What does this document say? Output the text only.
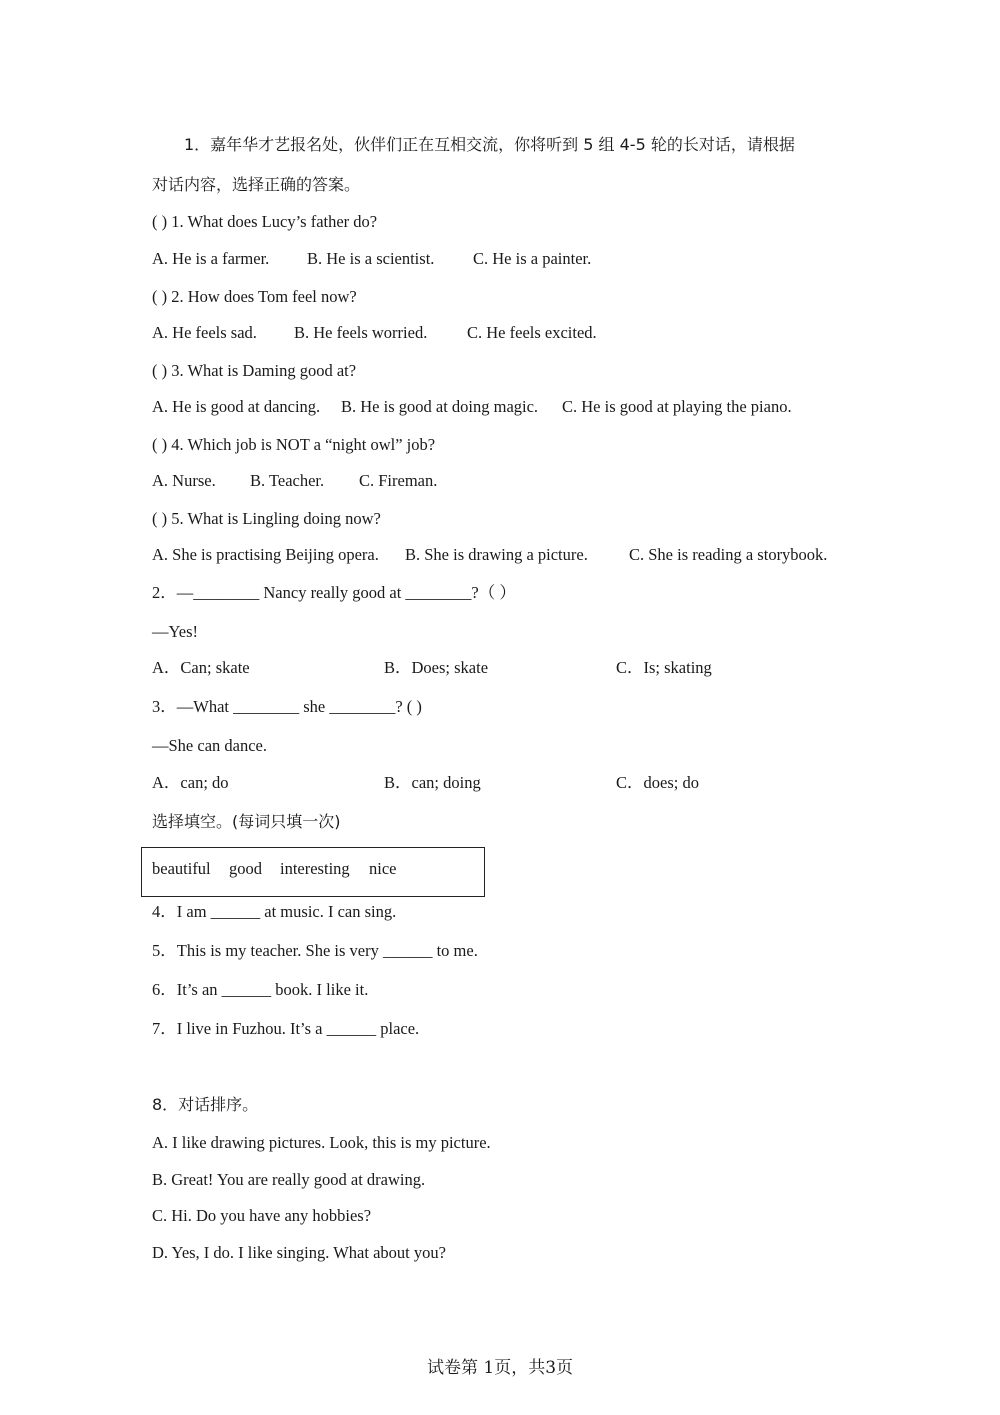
1．嘉年华才艺报名处，伙伴们正在互相交流，你将听到 5 组 4-5 轮的长对话，请根据
对话内容，选择正确的答案。
( ) 1. What does Lucy’s father do?
A. He is a farmer. B. He is a scientist. C. He is a painter.
( ) 2. How does Tom feel now?
A. He feels sad. B. He feels worried. C. He feels excited.
( ) 3. What is Daming good at?
A. He is good at dancing. B. He is good at doing magic. C. He is good at playing the piano.
( ) 4. Which job is NOT a “night owl” job?
A. Nurse. B. Teacher. C. Fireman.
( ) 5. What is Lingling doing now?
A. She is practising Beijing opera. B. She is drawing a picture. C. She is reading a storybook.
2．—________ Nancy really good at ________?（ ）
—Yes!
A．Can; skate	B．Does; skate	C．Is; skating
3．—What ________ she ________? ( )
—She can dance.
A．can; do	B．can; doing	C．does; do
选择填空。(每词只填一次)
beautiful good interesting nice
4．I am ______ at music. I can sing.
5．This is my teacher. She is very ______ to me.
6．It’s an ______ book. I like it.
7．I live in Fuzhou. It’s a ______ place.
8．对话排序。
A. I like drawing pictures. Look, this is my picture.
B. Great! You are really good at drawing.
C. Hi. Do you have any hobbies?
D. Yes, I do. I like singing. What about you?
试卷第 1页，共3页
